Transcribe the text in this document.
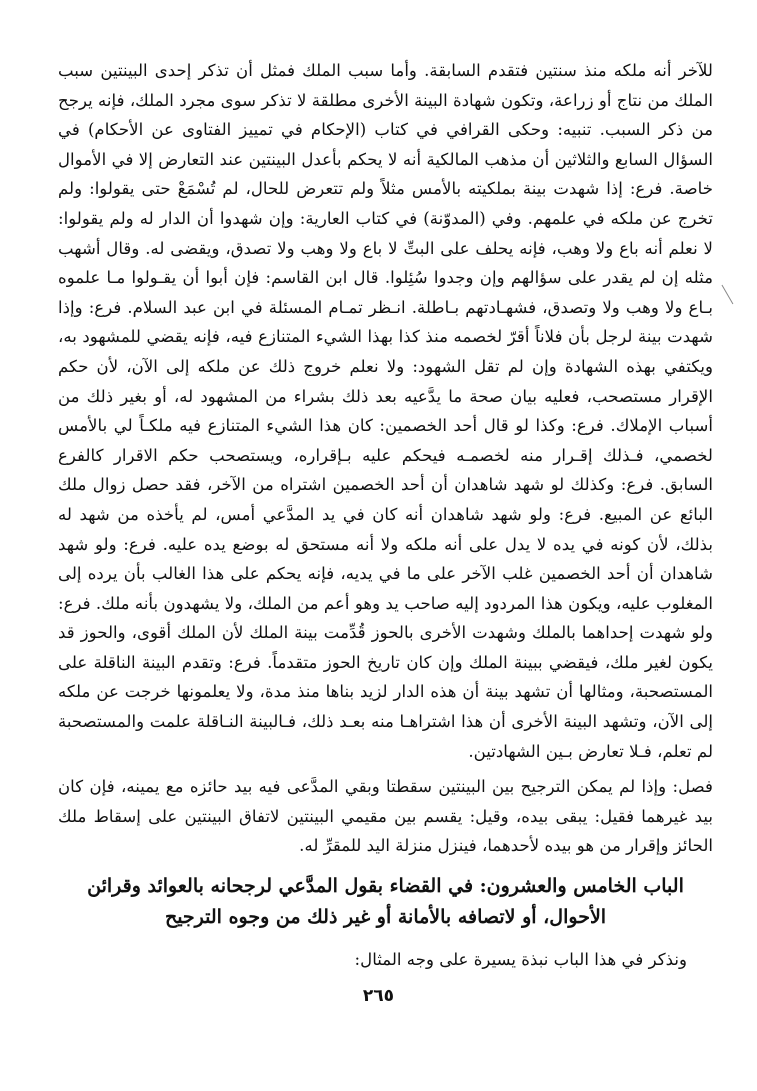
للآخر أنه ملكه منذ سنتين فتقدم السابقة. وأما سبب الملك فمثل أن تذكر إحدى البينتين سبب الملك من نتاج أو زراعة، وتكون شهادة البينة الأخرى مطلقة لا تذكر سوى مجرد الملك، فإنه يرجح من ذكر السبب. تنبيه: وحكى القرافي في كتاب (الإحكام في تمييز الفتاوى عن الأحكام) في السؤال السابع والثلاثين أن مذهب المالكية أنه لا يحكم بأعدل البينتين عند التعارض إلا في الأموال خاصة. فرع: إذا شهدت بينة بملكيته بالأمس مثلاً ولم تتعرض للحال، لم تُسْمَعْ حتى يقولوا: ولم تخرج عن ملكه في علمهم. وفي (المدوّنة) في كتاب العارية: وإن شهدوا أن الدار له ولم يقولوا: لا نعلم أنه باع ولا وهب، فإنه يحلف على البتِّ لا باع ولا وهب ولا تصدق، ويقضى له. وقال أشهب مثله إن لم يقدر على سؤالهم وإن وجدوا سُئِلوا. قال ابن القاسم: فإن أبوا أن يقـولوا مـا علموه بـاع ولا وهب ولا وتصدق، فشهـادتهم بـاطلة. انـظر تمـام المسئلة في ابن عبد السلام. فرع: وإذا شهدت بينة لرجل بأن فلاناً أقرّ لخصمه منذ كذا بهذا الشيء المتنازع فيه، فإنه يقضي للمشهود به، ويكتفي بهذه الشهادة وإن لم تقل الشهود: ولا نعلم خروج ذلك عن ملكه إلى الآن، لأن حكم الإقرار مستصحب، فعليه بيان صحة ما يدَّعيه بعد ذلك بشراء من المشهود له، أو بغير ذلك من أسباب الإملاك. فرع: وكذا لو قال أحد الخصمين: كان هذا الشيء المتنازع فيه ملكـاً لي بالأمس لخصمي، فـذلك إقـرار منه لخصمـه فيحكم عليه بـإقراره، ويستصحب حكم الاقرار كالفرع السابق. فرع: وكذلك لو شهد شاهدان أن أحد الخصمين اشتراه من الآخر، فقد حصل زوال ملك البائع عن المبيع. فرع: ولو شهد شاهدان أنه كان في يد المدَّعي أمس، لم يأخذه من شهد له بذلك، لأن كونه في يده لا يدل على أنه ملكه ولا أنه مستحق له بوضع يده عليه. فرع: ولو شهد شاهدان أن أحد الخصمين غلب الآخر على ما في يديه، فإنه يحكم على هذا الغالب بأن يرده إلى المغلوب عليه، ويكون هذا المردود إليه صاحب يد وهو أعم من الملك، ولا يشهدون بأنه ملك. فرع: ولو شهدت إحداهما بالملك وشهدت الأخرى بالحوز قُدِّمت بينة الملك لأن الملك أقوى، والحوز قد يكون لغير ملك، فيقضي ببينة الملك وإن كان تاريخ الحوز متقدماً. فرع: وتقدم البينة الناقلة على المستصحبة، ومثالها أن تشهد بينة أن هذه الدار لزيد بناها منذ مدة، ولا يعلمونها خرجت عن ملكه إلى الآن، وتشهد البينة الأخرى أن هذا اشتراهـا منه بعـد ذلك، فـالبينة النـاقلة علمت والمستصحبة لم تعلم، فـلا تعارض بـين الشهادتين.

فصل: وإذا لم يمكن الترجيح بين البينتين سقطتا وبقي المدَّعى فيه بيد حائزه مع يمينه، فإن كان بيد غيرهما فقيل: يبقى بيده، وقيل: يقسم بين مقيمي البينتين لاتفاق البينتين على إسقاط ملك الحائز وإقرار من هو بيده لأحدهما، فينزل منزلة اليد للمقرِّ له.

الباب الخامس والعشرون: في القضاء بقول المدَّعي لرجحانه بالعوائد وقرائن الأحوال، أو لاتصافه بالأمانة أو غير ذلك من وجوه الترجيح

ونذكر في هذا الباب نبذة يسيرة على وجه المثال:

٢٦٥
